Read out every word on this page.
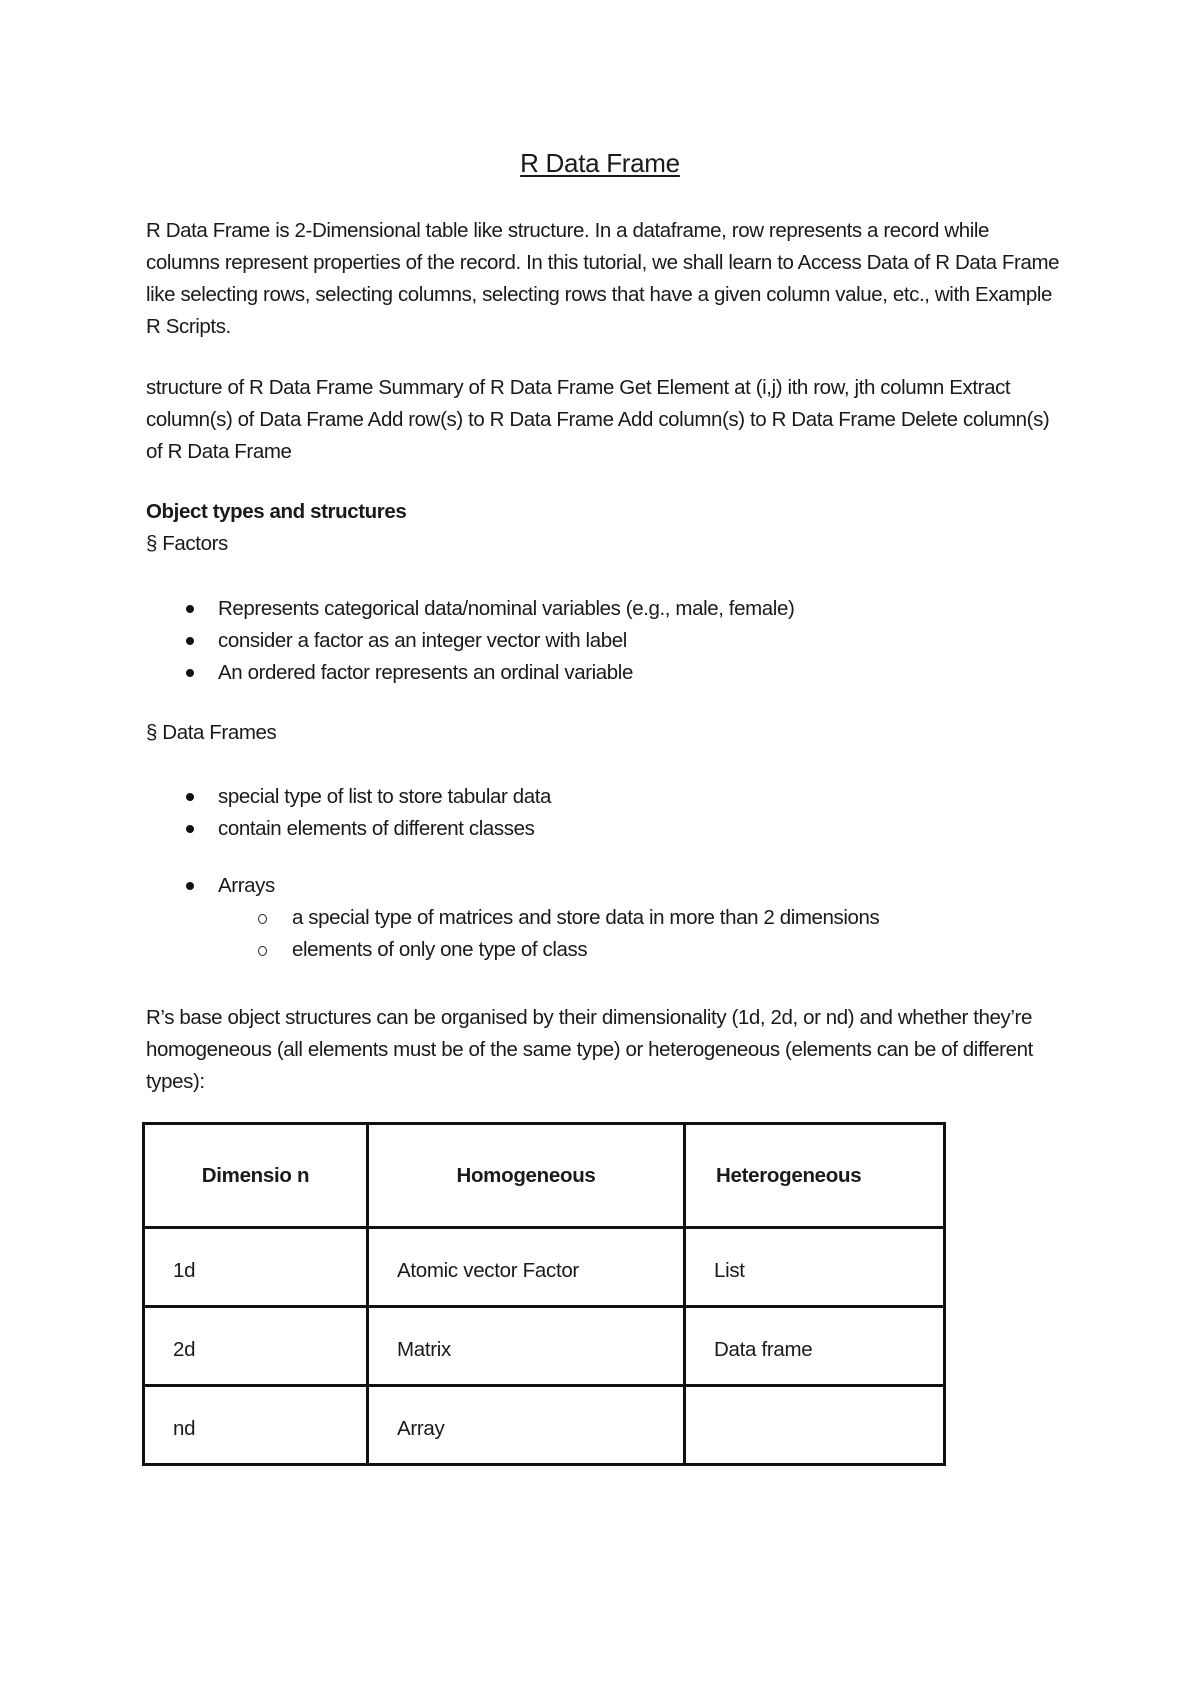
R Data Frame
R Data Frame is 2-Dimensional table like structure. In a dataframe, row represents a record while columns represent properties of the record. In this tutorial, we shall learn to Access Data of R Data Frame like selecting rows, selecting columns, selecting rows that have a given column value, etc., with Example R Scripts.
structure of R Data Frame Summary of R Data Frame Get Element at (i,j) ith row, jth column Extract column(s) of Data Frame Add row(s) to R Data Frame Add column(s) to R Data Frame Delete column(s) of R Data Frame
Object types and structures
§ Factors
Represents categorical data/nominal variables (e.g., male, female)
consider a factor as an integer vector with label
An ordered factor represents an ordinal variable
§ Data Frames
special type of list to store tabular data
contain elements of different classes
Arrays
a special type of matrices and store data in more than 2 dimensions
elements of only one type of class
R’s base object structures can be organised by their dimensionality (1d, 2d, or nd) and whether they’re homogeneous (all elements must be of the same type) or heterogeneous (elements can be of different types):
Dimensio n	Homogeneous	Heterogeneous
1d	Atomic vector Factor	List
2d	Matrix	Data frame
nd	Array	
